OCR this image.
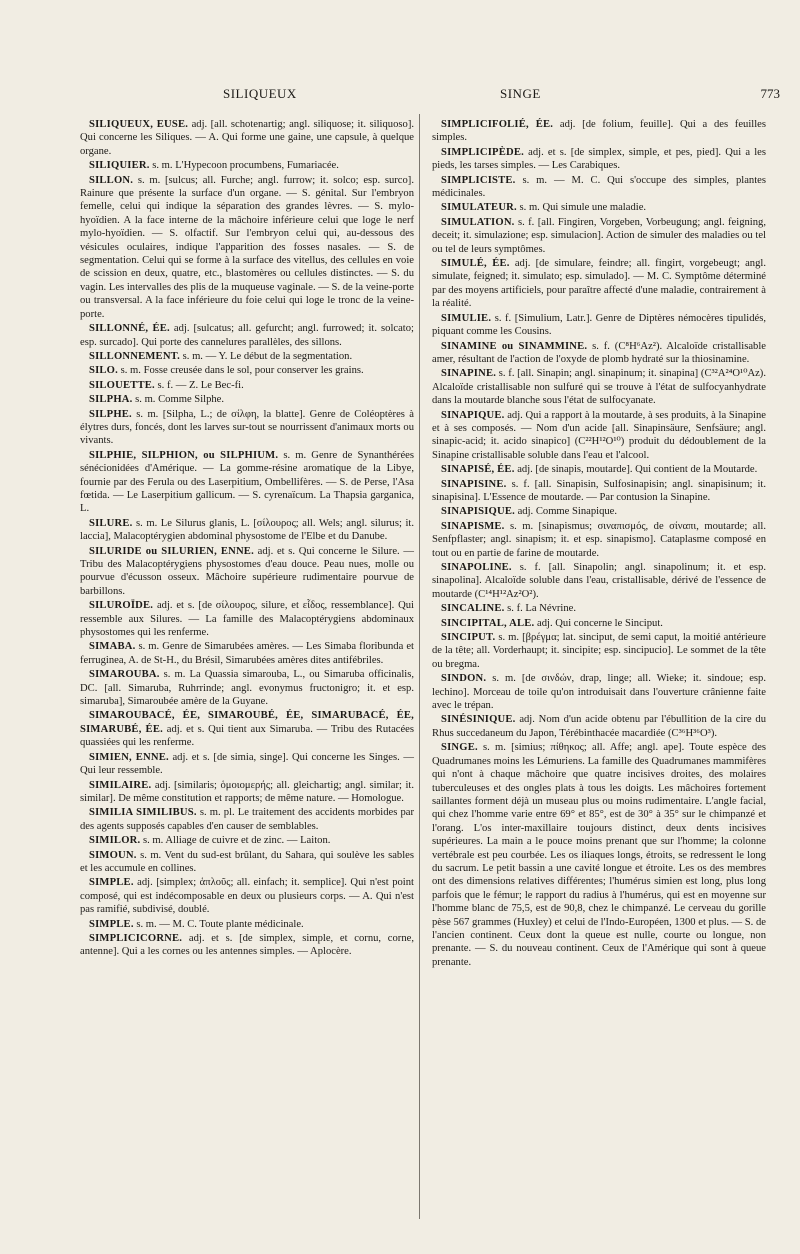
SILIQUEUX	SINGE	773

SILIQUEUX, EUSE. adj. [all. schotenartig; angl. siliquose; it. siliquoso]. Qui concerne les Siliques. — A. Qui forme une gaine, une capsule, à quelque organe.

SILIQUIER. s. m. L'Hypecoon procumbens, Fumariacée.

SILLON. s. m. [sulcus; all. Furche; angl. furrow; it. solco; esp. surco]. Rainure que présente la surface d'un organe. — S. génital. Sur l'embryon femelle, celui qui indique la séparation des grandes lèvres. — S. mylo-hyoïdien. A la face interne de la mâchoire inférieure celui que loge le nerf mylo-hyoïdien. — S. olfactif. Sur l'embryon celui qui, au-dessous des vésicules oculaires, indique l'apparition des fosses nasales. — S. de segmentation. Celui qui se forme à la surface des vitellus, des cellules en voie de scission en deux, quatre, etc., blastomères ou cellules distinctes. — S. du vagin. Les intervalles des plis de la muqueuse vaginale. — S. de la veine-porte ou transversal. A la face inférieure du foie celui qui loge le tronc de la veine-porte.

SILLONNÉ, ÉE. adj. [sulcatus; all. gefurcht; angl. furrowed; it. solcato; esp. surcado]. Qui porte des cannelures parallèles, des sillons.

SILLONNEMENT. s. m. — Y. Le début de la segmentation.

SILO. s. m. Fosse creusée dans le sol, pour conserver les grains.

SILOUETTE. s. f. — Z. Le Bec-fi.

SILPHA. s. m. Comme Silphe.

SILPHE. s. m. [Silpha, L.; de σίλφη, la blatte]. Genre de Coléoptères à élytres durs, foncés, dont les larves sur-tout se nourrissent d'animaux morts ou vivants.

SILPHIE, SILPHION, ou SILPHIUM. s. m. Genre de Synanthérées sénécionidées d'Amérique. — La gomme-résine aromatique de la Libye, fournie par des Ferula ou des Laserpitium, Ombellifères. — S. de Perse, l'Asa fœtida. — Le Laserpitium gallicum. — S. cyrenaïcum. La Thapsia garganica, L.

SILURE. s. m. Le Silurus glanis, L. [σίλουρος; all. Wels; angl. silurus; it. laccia], Malacoptérygien abdominal physostome de l'Elbe et du Danube.

SILURIDE ou SILURIEN, ENNE. adj. et s. Qui concerne le Silure. — Tribu des Malacoptérygiens physostomes d'eau douce. Peau nues, molle ou pourvue d'écusson osseux. Mâchoire supérieure rudimentaire pourvue de barbillons.

SILUROÏDE. adj. et s. [de σίλουρος, silure, et εἶδος, ressemblance]. Qui ressemble aux Silures. — La famille des Malacoptérygiens abdominaux physostomes qui les renferme.

SIMABA. s. m. Genre de Simarubées amères. — Les Simaba floribunda et ferruginea, A. de St-H., du Brésil, Simarubées amères dites antifébriles.

SIMAROUBA. s. m. La Quassia simarouba, L., ou Simaruba officinalis, DC. [all. Simaruba, Ruhrrinde; angl. evonymus fructonigro; it. et esp. simaruba], Simaroubée amère de la Guyane.

SIMAROUBACÉ, ÉE, SIMAROUBÉ, ÉE, SIMARUBACÉ, ÉE, SIMARUBÉ, ÉE. adj. et s. Qui tient aux Simaruba. — Tribu des Rutacées quassiées qui les renferme.

SIMIEN, ENNE. adj. et s. [de simia, singe]. Qui concerne les Singes. — Qui leur ressemble.

SIMILAIRE. adj. [similaris; ὁμοιομερής; all. gleichartig; angl. similar; it. similar]. De même constitution et rapports; de même nature. — Homologue.

SIMILIA SIMILIBUS. s. m. pl. Le traitement des accidents morbides par des agents supposés capables d'en causer de semblables.

SIMILOR. s. m. Alliage de cuivre et de zinc. — Laiton.

SIMOUN. s. m. Vent du sud-est brûlant, du Sahara, qui soulève les sables et les accumule en collines.

SIMPLE. adj. [simplex; ἁπλοῦς; all. einfach; it. semplice]. Qui n'est point composé, qui est indécomposable en deux ou plusieurs corps. — A. Qui n'est pas ramifié, subdivisé, doublé.

SIMPLE. s. m. — M. C. Toute plante médicinale.

SIMPLICICORNE. adj. et s. [de simplex, simple, et cornu, corne, antenne]. Qui a les cornes ou les antennes simples. — Aplocère.

SIMPLICIFOLIÉ, ÉE. adj. [de folium, feuille]. Qui a des feuilles simples.

SIMPLICIPÈDE. adj. et s. [de simplex, simple, et pes, pied]. Qui a les pieds, les tarses simples. — Les Carabiques.

SIMPLICISTE. s. m. — M. C. Qui s'occupe des simples, plantes médicinales.

SIMULATEUR. s. m. Qui simule une maladie.

SIMULATION. s. f. [all. Fingiren, Vorgeben, Vorbeugung; angl. feigning, deceit; it. simulazione; esp. simulacion]. Action de simuler des maladies ou tel ou tel de leurs symptômes.

SIMULÉ, ÉE. adj. [de simulare, feindre; all. fingirt, vorgebeugt; angl. simulate, feigned; it. simulato; esp. simulado]. — M. C. Symptôme déterminé par des moyens artificiels, pour paraître affecté d'une maladie, contrairement à la réalité.

SIMULIE. s. f. [Simulium, Latr.]. Genre de Diptères némocères tipulidés, piquant comme les Cousins.

SINAMINE ou SINAMMINE. s. f. (C⁸H⁶Az²). Alcaloïde cristallisable amer, résultant de l'action de l'oxyde de plomb hydraté sur la thiosinamine.

SINAPINE. s. f. [all. Sinapin; angl. sinapinum; it. sinapina] (C³²A²⁴O¹⁰Az). Alcaloïde cristallisable non sulfuré qui se trouve à l'état de sulfocyanhydrate dans la moutarde blanche sous l'état de sulfocyanate.

SINAPIQUE. adj. Qui a rapport à la moutarde, à ses produits, à la Sinapine et à ses composés. — Nom d'un acide [all. Sinapinsäure, Senfsäure; angl. sinapic-acid; it. acido sinapico] (C²²H¹²O¹⁰) produit du dédoublement de la Sinapine cristallisable soluble dans l'eau et l'alcool.

SINAPISÉ, ÉE. adj. [de sinapis, moutarde]. Qui contient de la Moutarde.

SINAPISINE. s. f. [all. Sinapisin, Sulfosinapisin; angl. sinapisinum; it. sinapisina]. L'Essence de moutarde. — Par contusion la Sinapine.

SINAPISIQUE. adj. Comme Sinapique.

SINAPISME. s. m. [sinapismus; σιναπισμός, de σίναπι, moutarde; all. Senfpflaster; angl. sinapism; it. et esp. sinapismo]. Cataplasme composé en tout ou en partie de farine de moutarde.

SINAPOLINE. s. f. [all. Sinapolin; angl. sinapolinum; it. et esp. sinapolina]. Alcaloïde soluble dans l'eau, cristallisable, dérivé de l'essence de moutarde (C¹⁴H¹²Az²O²).

SINCALINE. s. f. La Névrine.

SINCIPITAL, ALE. adj. Qui concerne le Sinciput.

SINCIPUT. s. m. [βρέγμα; lat. sinciput, de semi caput, la moitié antérieure de la tête; all. Vorderhaupt; it. sincipite; esp. sincipucio]. Le sommet de la tête ou bregma.

SINDON. s. m. [de σινδών, drap, linge; all. Wieke; it. sindoue; esp. lechino]. Morceau de toile qu'on introduisait dans l'ouverture crânienne faite avec le trépan.

SINÉSINIQUE. adj. Nom d'un acide obtenu par l'ébullition de la cire du Rhus succedaneum du Japon, Térébinthacée macardiée (C³⁶H³⁶O³).

SINGE. s. m. [simius; πίθηκος; all. Affe; angl. ape]. Toute espèce des Quadrumanes moins les Lémuriens. La famille des Quadrumanes mammifères qui n'ont à chaque mâchoire que quatre incisives droites, des molaires tuberculeuses et des ongles plats à tous les doigts. Les mâchoires fortement saillantes forment déjà un museau plus ou moins rudimentaire. L'angle facial, qui chez l'homme varie entre 69° et 85°, est de 30° à 35° sur le chimpanzé et l'orang. L'os inter-maxillaire toujours distinct, deux dents incisives supérieures. La main a le pouce moins prenant que sur l'homme; la colonne vertébrale est peu courbée. Les os iliaques longs, étroits, se redressent le long du sacrum. Le petit bassin a une cavité longue et étroite. Les os des membres ont des dimensions relatives différentes; l'humérus simien est long, plus long parfois que le fémur; le rapport du radius à l'humérus, qui est en moyenne sur l'homme blanc de 75,5, est de 90,8, chez le chimpanzé. Le cerveau du gorille pèse 567 grammes (Huxley) et celui de l'Indo-Européen, 1300 et plus. — S. de l'ancien continent. Ceux dont la queue est nulle, courte ou longue, non prenante. — S. du nouveau continent. Ceux de l'Amérique qui sont à queue prenante.
